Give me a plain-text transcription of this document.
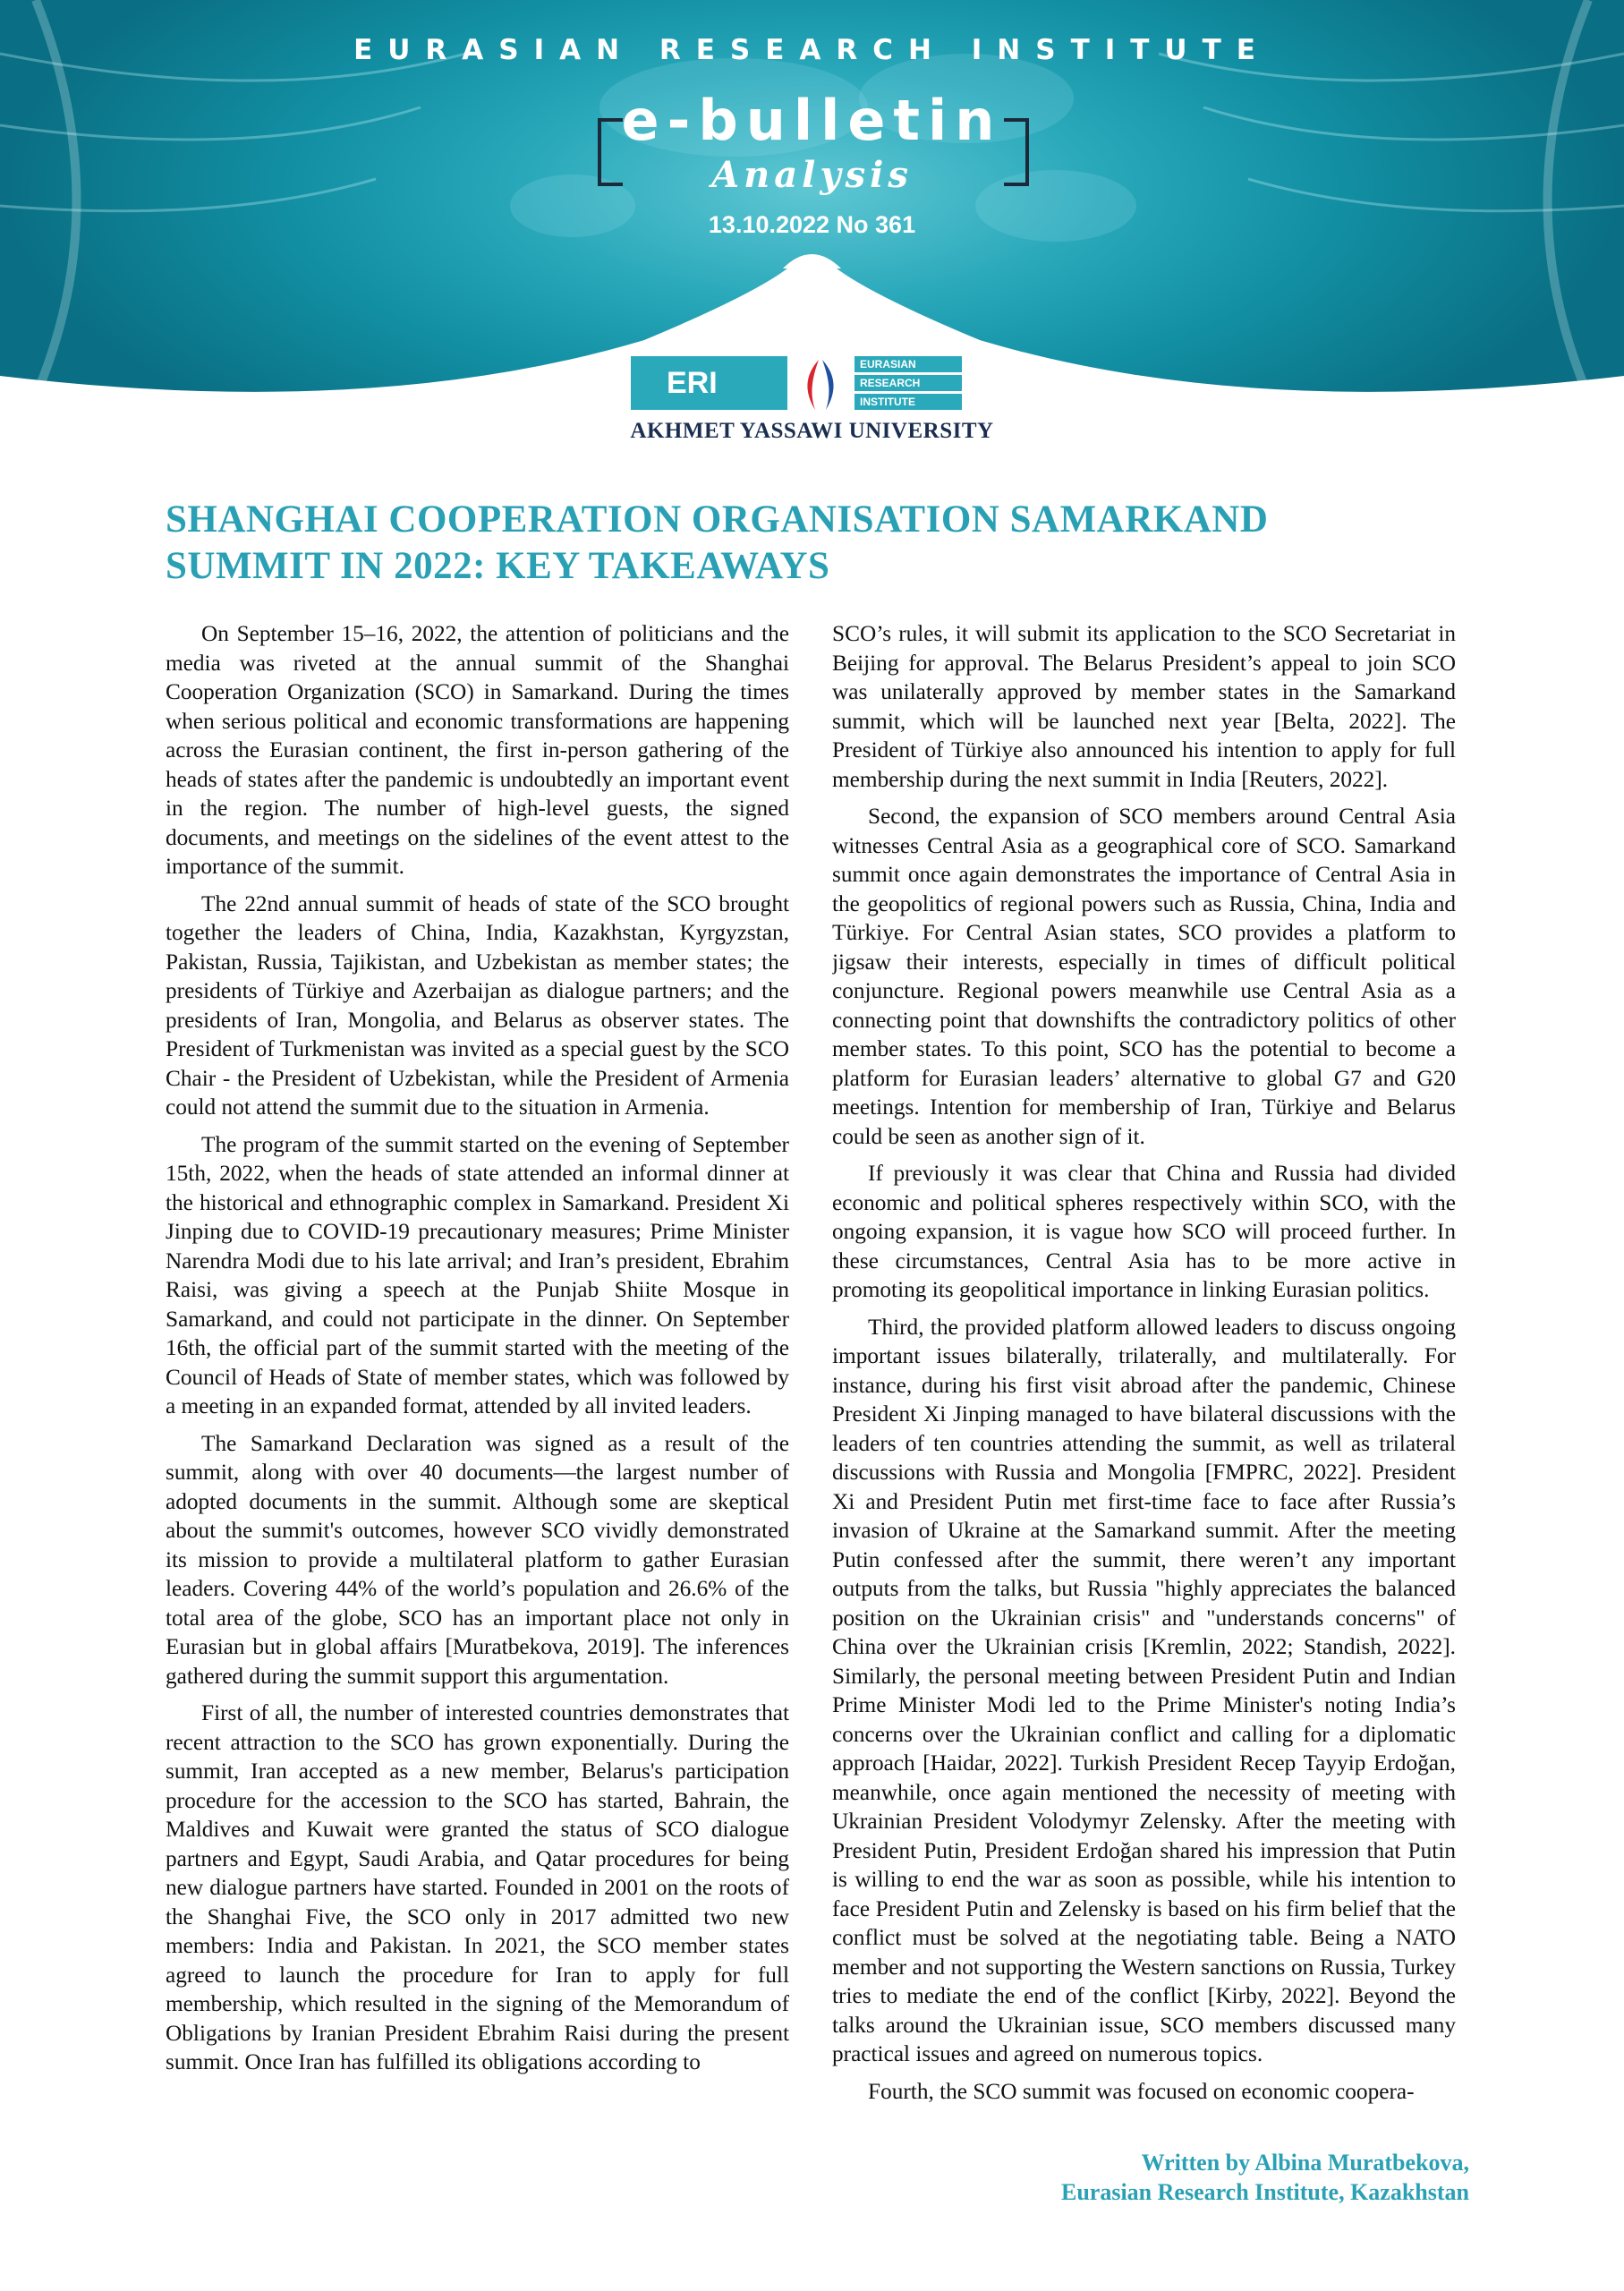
EURASIAN RESEARCH INSTITUTE
e-bulletin
Analysis
13.10.2022 No 361
ERI
EURASIAN
RESEARCH
INSTITUTE
AKHMET YASSAWI UNIVERSITY
SHANGHAI COOPERATION ORGANISATION SAMARKAND SUMMIT IN 2022: KEY TAKEAWAYS

On September 15–16, 2022, the attention of politicians and the media was riveted at the annual summit of the Shanghai Cooperation Organization (SCO) in Samarkand. During the times when serious political and economic transformations are happening across the Eurasian continent, the first in-person gathering of the heads of states after the pandemic is undoubtedly an important event in the region. The number of high-level guests, the signed documents, and meetings on the sidelines of the event attest to the importance of the summit.

The 22nd annual summit of heads of state of the SCO brought together the leaders of China, India, Kazakhstan, Kyrgyzstan, Pakistan, Russia, Tajikistan, and Uzbekistan as member states; the presidents of Türkiye and Azerbaijan as dialogue partners; and the presidents of Iran, Mongolia, and Belarus as observer states. The President of Turkmenistan was invited as a special guest by the SCO Chair - the President of Uzbekistan, while the President of Armenia could not attend the summit due to the situation in Armenia.

The program of the summit started on the evening of September 15th, 2022, when the heads of state attended an informal dinner at the historical and ethnographic complex in Samarkand. President Xi Jinping due to COVID-19 precautionary measures; Prime Minister Narendra Modi due to his late arrival; and Iran’s president, Ebrahim Raisi, was giving a speech at the Punjab Shiite Mosque in Samarkand, and could not participate in the dinner. On September 16th, the official part of the summit started with the meeting of the Council of Heads of State of member states, which was followed by a meeting in an expanded format, attended by all invited leaders.

The Samarkand Declaration was signed as a result of the summit, along with over 40 documents—the largest number of adopted documents in the summit. Although some are skeptical about the summit's outcomes, however SCO vividly demonstrated its mission to provide a multilateral platform to gather Eurasian leaders. Covering 44% of the world’s population and 26.6% of the total area of the globe, SCO has an important place not only in Eurasian but in global affairs [Muratbekova, 2019]. The inferences gathered during the summit support this argumentation.

First of all, the number of interested countries demonstrates that recent attraction to the SCO has grown exponentially. During the summit, Iran accepted as a new member, Belarus's participation procedure for the accession to the SCO has started, Bahrain, the Maldives and Kuwait were granted the status of SCO dialogue partners and Egypt, Saudi Arabia, and Qatar procedures for being new dialogue partners have started. Founded in 2001 on the roots of the Shanghai Five, the SCO only in 2017 admitted two new members: India and Pakistan. In 2021, the SCO member states agreed to launch the procedure for Iran to apply for full membership, which resulted in the signing of the Memorandum of Obligations by Iranian President Ebrahim Raisi during the present summit. Once Iran has fulfilled its obligations according to

SCO’s rules, it will submit its application to the SCO Secretariat in Beijing for approval. The Belarus President’s appeal to join SCO was unilaterally approved by member states in the Samarkand summit, which will be launched next year [Belta, 2022]. The President of Türkiye also announced his intention to apply for full membership during the next summit in India [Reuters, 2022].

Second, the expansion of SCO members around Central Asia witnesses Central Asia as a geographical core of SCO. Samarkand summit once again demonstrates the importance of Central Asia in the geopolitics of regional powers such as Russia, China, India and Türkiye. For Central Asian states, SCO provides a platform to jigsaw their interests, especially in times of difficult political conjuncture. Regional powers meanwhile use Central Asia as a connecting point that downshifts the contradictory politics of other member states. To this point, SCO has the potential to become a platform for Eurasian leaders’ alternative to global G7 and G20 meetings. Intention for membership of Iran, Türkiye and Belarus could be seen as another sign of it.

If previously it was clear that China and Russia had divided economic and political spheres respectively within SCO, with the ongoing expansion, it is vague how SCO will proceed further. In these circumstances, Central Asia has to be more active in promoting its geopolitical importance in linking Eurasian politics.

Third, the provided platform allowed leaders to discuss ongoing important issues bilaterally, trilaterally, and multilaterally. For instance, during his first visit abroad after the pandemic, Chinese President Xi Jinping managed to have bilateral discussions with the leaders of ten countries attending the summit, as well as trilateral discussions with Russia and Mongolia [FMPRC, 2022]. President Xi and President Putin met first-time face to face after Russia’s invasion of Ukraine at the Samarkand summit. After the meeting Putin confessed after the summit, there weren’t any important outputs from the talks, but Russia "highly appreciates the balanced position on the Ukrainian crisis" and "understands concerns" of China over the Ukrainian crisis [Kremlin, 2022; Standish, 2022]. Similarly, the personal meeting between President Putin and Indian Prime Minister Modi led to the Prime Minister's noting India’s concerns over the Ukrainian conflict and calling for a diplomatic approach [Haidar, 2022]. Turkish President Recep Tayyip Erdoğan, meanwhile, once again mentioned the necessity of meeting with Ukrainian President Volodymyr Zelensky. After the meeting with President Putin, President Erdoğan shared his impression that Putin is willing to end the war as soon as possible, while his intention to face President Putin and Zelensky is based on his firm belief that the conflict must be solved at the negotiating table. Being a NATO member and not supporting the Western sanctions on Russia, Turkey tries to mediate the end of the conflict [Kirby, 2022]. Beyond the talks around the Ukrainian issue, SCO members discussed many practical issues and agreed on numerous topics.

Fourth, the SCO summit was focused on economic coopera-

Written by Albina Muratbekova,
Eurasian Research Institute, Kazakhstan
